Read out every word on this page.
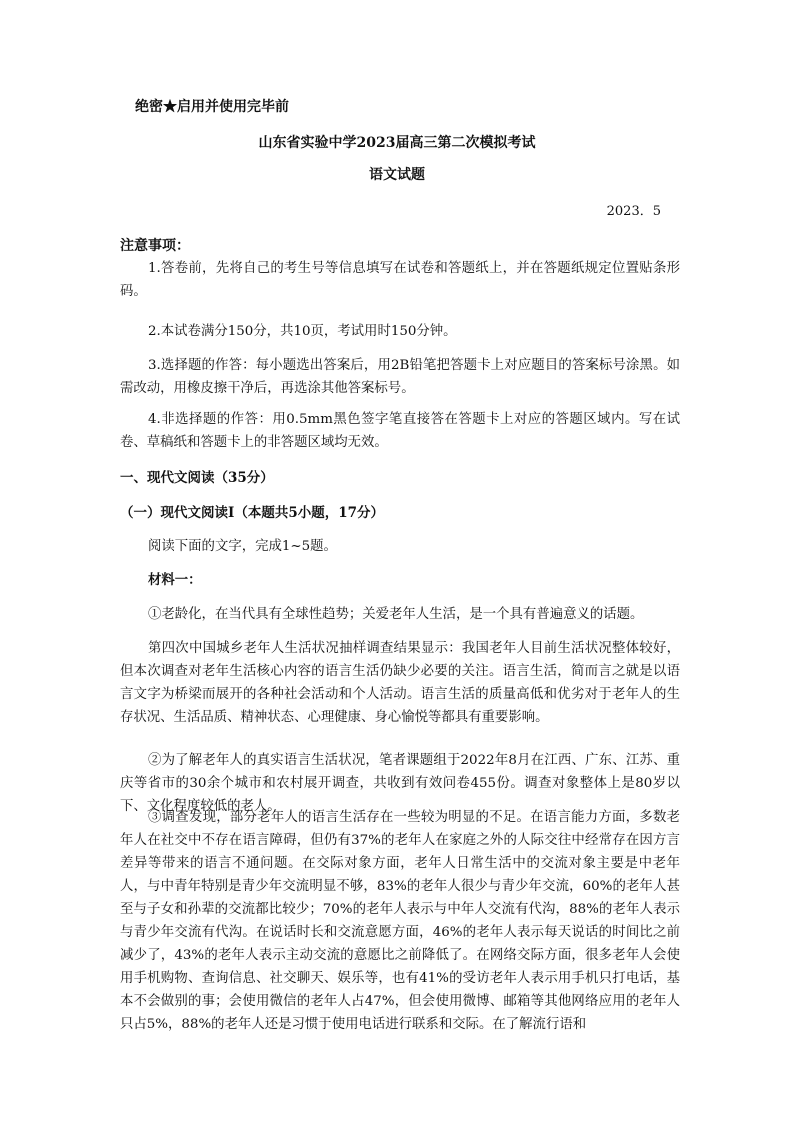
绝密★启用并使用完毕前
山东省实验中学2023届高三第二次模拟考试
语文试题
2023．5
注意事项：

1.答卷前，先将自己的考生号等信息填写在试卷和答题纸上，并在答题纸规定位置贴条形码。

2.本试卷满分150分，共10页，考试用时150分钟。

3.选择题的作答：每小题选出答案后，用2B铅笔把答题卡上对应题目的答案标号涂黑。如需改动，用橡皮擦干净后，再选涂其他答案标号。

4.非选择题的作答：用0.5mm黑色签字笔直接答在答题卡上对应的答题区域内。写在试卷、草稿纸和答题卡上的非答题区域均无效。

一、现代文阅读（35分）
（一）现代文阅读Ⅰ（本题共5小题，17分）

阅读下面的文字，完成1~5题。

材料一：

①老龄化，在当代具有全球性趋势；关爱老年人生活，是一个具有普遍意义的话题。

第四次中国城乡老年人生活状况抽样调查结果显示：我国老年人目前生活状况整体较好，但本次调查对老年生活核心内容的语言生活仍缺少必要的关注。语言生活，简而言之就是以语言文字为桥梁而展开的各种社会活动和个人活动。语言生活的质量高低和优劣对于老年人的生存状况、生活品质、精神状态、心理健康、身心愉悦等都具有重要影响。

②为了解老年人的真实语言生活状况，笔者课题组于2022年8月在江西、广东、江苏、重庆等省市的30余个城市和农村展开调查，共收到有效问卷455份。调查对象整体上是80岁以下、文化程度较低的老人。

③调查发现，部分老年人的语言生活存在一些较为明显的不足。在语言能力方面，多数老年人在社交中不存在语言障碍，但仍有37%的老年人在家庭之外的人际交往中经常存在因方言差异等带来的语言不通问题。在交际对象方面，老年人日常生活中的交流对象主要是中老年人，与中青年特别是青少年交流明显不够，83%的老年人很少与青少年交流，60%的老年人甚至与子女和孙辈的交流都比较少；70%的老年人表示与中年人交流有代沟，88%的老年人表示与青少年交流有代沟。在说话时长和交流意愿方面，46%的老年人表示每天说话的时间比之前减少了，43%的老年人表示主动交流的意愿比之前降低了。在网络交际方面，很多老年人会使用手机购物、查询信息、社交聊天、娱乐等，也有41%的受访老年人表示用手机只打电话，基本不会做别的事；会使用微信的老年人占47%，但会使用微博、邮箱等其他网络应用的老年人只占5%，88%的老年人还是习惯于使用电话进行联系和交际。在了解流行语和
